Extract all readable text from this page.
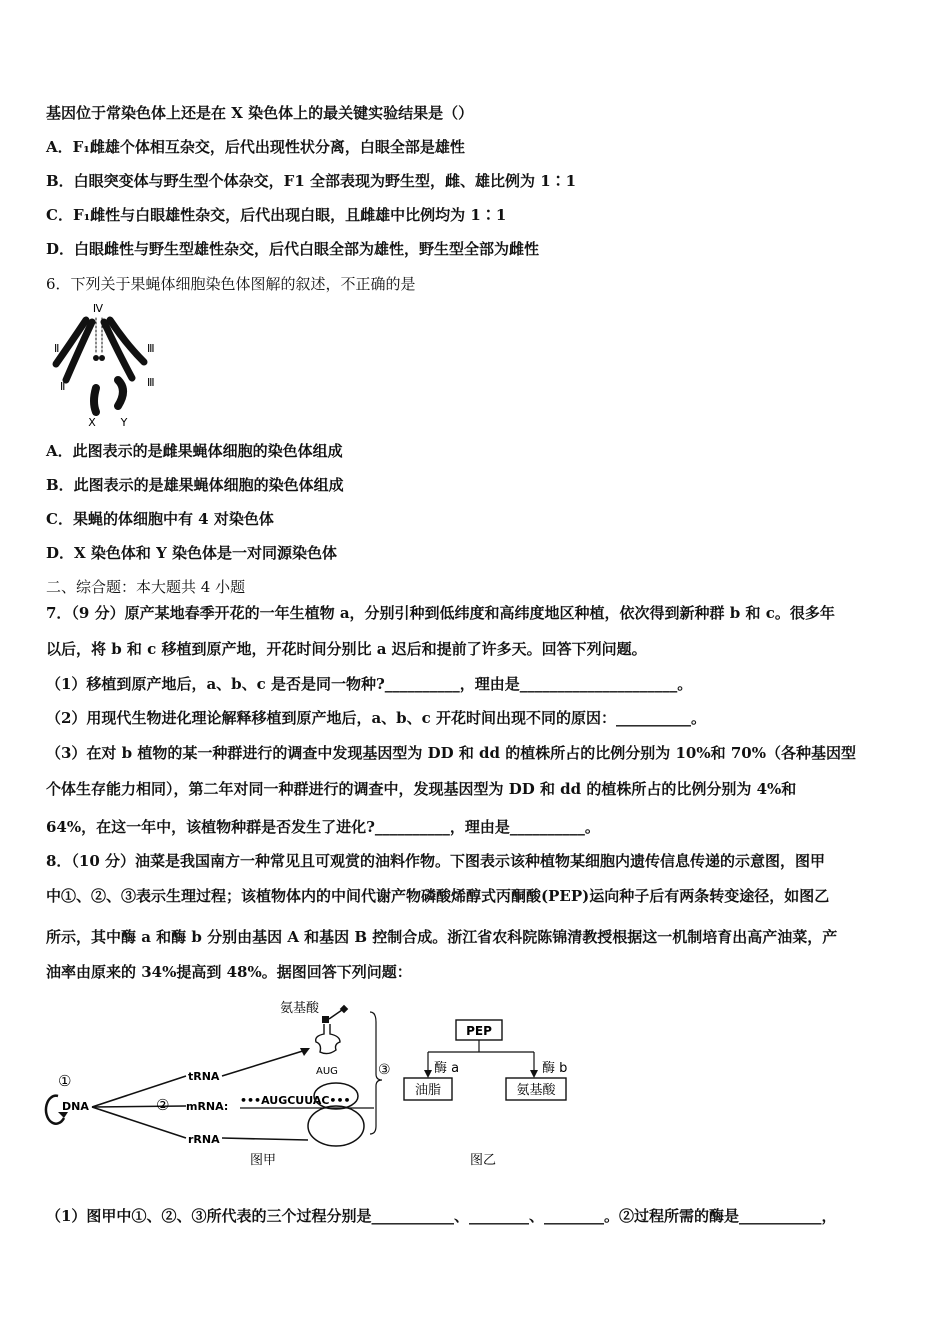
基因位于常染色体上还是在 X 染色体上的最关键实验结果是（）
A．F₁雌雄个体相互杂交，后代出现性状分离，白眼全部是雄性
B．白眼突变体与野生型个体杂交，F1 全部表现为野生型，雌、雄比例为 1∶1
C．F₁雌性与白眼雄性杂交，后代出现白眼，且雌雄中比例均为 1∶1
D．白眼雌性与野生型雄性杂交，后代白眼全部为雄性，野生型全部为雌性
6．下列关于果蝇体细胞染色体图解的叙述，不正确的是
Ⅳ
Ⅱ
Ⅱ
Ⅲ
Ⅲ
X Y
A．此图表示的是雌果蝇体细胞的染色体组成
B．此图表示的是雄果蝇体细胞的染色体组成
C．果蝇的体细胞中有 4 对染色体
D．X 染色体和 Y 染色体是一对同源染色体
二、综合题：本大题共 4 小题
7．（9 分）原产某地春季开花的一年生植物 a，分别引种到低纬度和高纬度地区种植，依次得到新种群 b 和 c。很多年
以后，将 b 和 c 移植到原产地，开花时间分别比 a 迟后和提前了许多天。回答下列问题。
（1）移植到原产地后，a、b、c 是否是同一物种?__________，理由是_____________________。
（2）用现代生物进化理论解释移植到原产地后，a、b、c 开花时间出现不同的原因：__________。
（3）在对 b 植物的某一种群进行的调查中发现基因型为 DD 和 dd 的植株所占的比例分别为 10%和 70%（各种基因型
个体生存能力相同），第二年对同一种群进行的调查中，发现基因型为 DD 和 dd 的植株所占的比例分别为 4%和
64%，在这一年中，该植物种群是否发生了进化?__________，理由是__________。
8．（10 分）油菜是我国南方一种常见且可观赏的油料作物。下图表示该种植物某细胞内遗传信息传递的示意图，图甲
中①、②、③表示生理过程；该植物体内的中间代谢产物磷酸烯醇式丙酮酸(PEP)运向种子后有两条转变途径，如图乙
所示，其中酶 a 和酶 b 分别由基因 A 和基因 B 控制合成。浙江省农科院陈锦清教授根据这一机制培育出高产油菜，产
油率由原来的 34%提高到 48%。据图回答下列问题：
氨基酸
AUG
①
DNA	②
tRNA
mRNA:
rRNA
•••AUGCUUAC•••
③
图甲
PEP
酶 a	酶 b
油脂	氨基酸
图乙
（1）图甲中①、②、③所代表的三个过程分别是___________、________、________。②过程所需的酶是___________，
